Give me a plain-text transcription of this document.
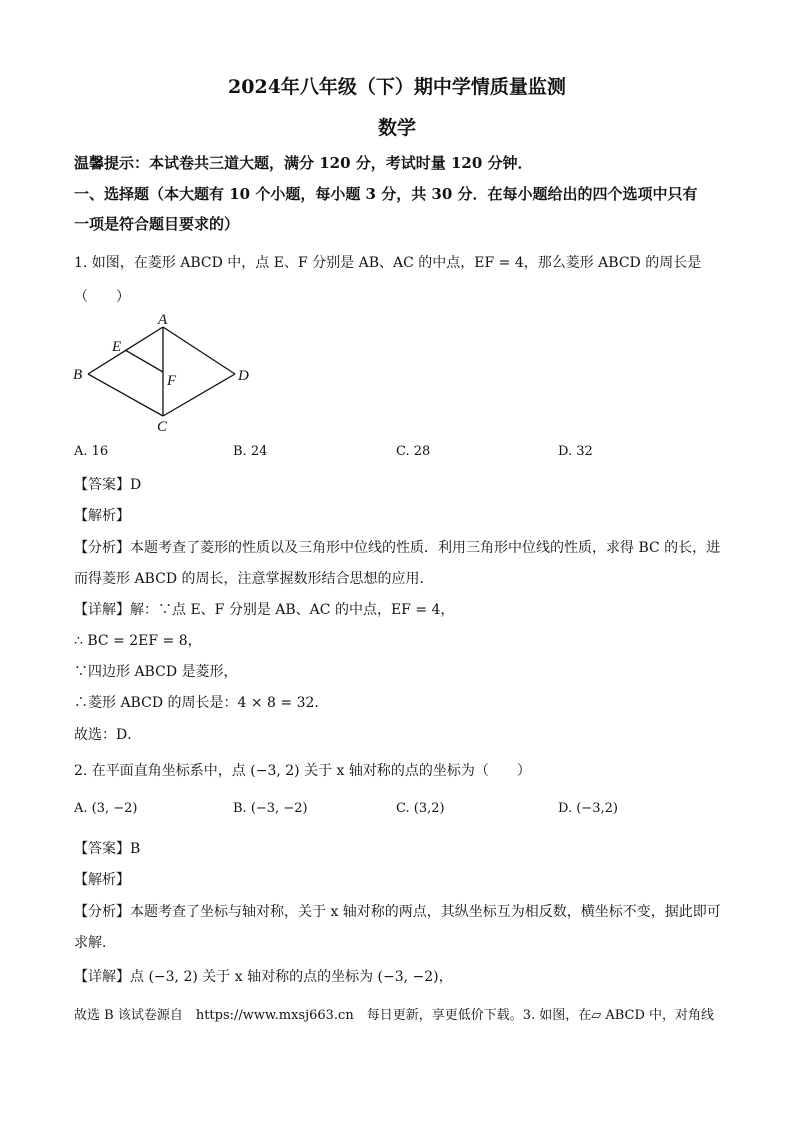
2024年八年级（下）期中学情质量监测
数学
温馨提示：本试卷共三道大题，满分 120 分，考试时量 120 分钟．
一、选择题（本大题有 10 个小题，每小题 3 分，共 30 分．在每小题给出的四个选项中只有
一项是符合题目要求的）
1. 如图，在菱形 ABCD 中，点 E、F 分别是 AB、AC 的中点，EF = 4，那么菱形 ABCD 的周长是
（　　）
A
B
C
D
E
F
A. 16	B. 24	C. 28	D. 32
【答案】D
【解析】
【分析】本题考查了菱形的性质以及三角形中位线的性质．利用三角形中位线的性质，求得 BC 的长，进
而得菱形 ABCD 的周长，注意掌握数形结合思想的应用．
【详解】解：∵点 E、F 分别是 AB、AC 的中点，EF = 4，
∴ BC = 2EF = 8，
∵四边形 ABCD 是菱形，
∴菱形 ABCD 的周长是：4 × 8 = 32．
故选：D．
2. 在平面直角坐标系中，点 (−3, 2) 关于 x 轴对称的点的坐标为（　　）
A. (3, −2)	B. (−3, −2)	C. (3,2)	D. (−3,2)
【答案】B
【解析】
【分析】本题考查了坐标与轴对称，关于 x 轴对称的两点，其纵坐标互为相反数，横坐标不变，据此即可
求解．
【详解】点 (−3, 2) 关于 x 轴对称的点的坐标为 (−3, −2)，
故选 B 该试卷源自　https://www.mxsj663.cn　每日更新，享更低价下载。3. 如图，在▱ ABCD 中，对角线
